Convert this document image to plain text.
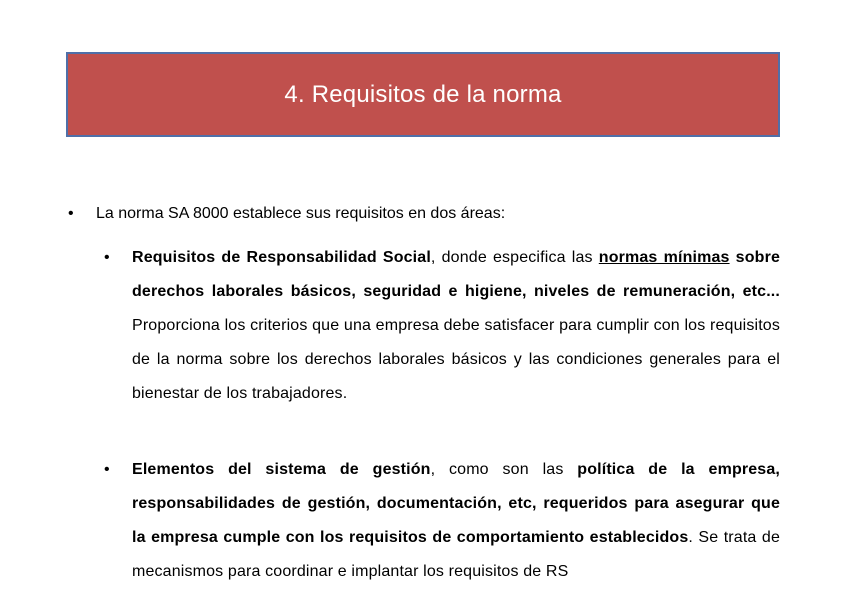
4. Requisitos de la norma
• La norma SA 8000 establece sus requisitos en dos áreas:
• Requisitos de Responsabilidad Social, donde especifica las normas mínimas sobre derechos laborales básicos, seguridad e higiene, niveles de remuneración, etc... Proporciona los criterios que una empresa debe satisfacer para cumplir con los requisitos de la norma sobre los derechos laborales básicos y las condiciones generales para el bienestar de los trabajadores.
• Elementos del sistema de gestión, como son las política de la empresa, responsabilidades de gestión, documentación, etc, requeridos para asegurar que la empresa cumple con los requisitos de comportamiento establecidos. Se trata de mecanismos para coordinar e implantar los requisitos de RS
